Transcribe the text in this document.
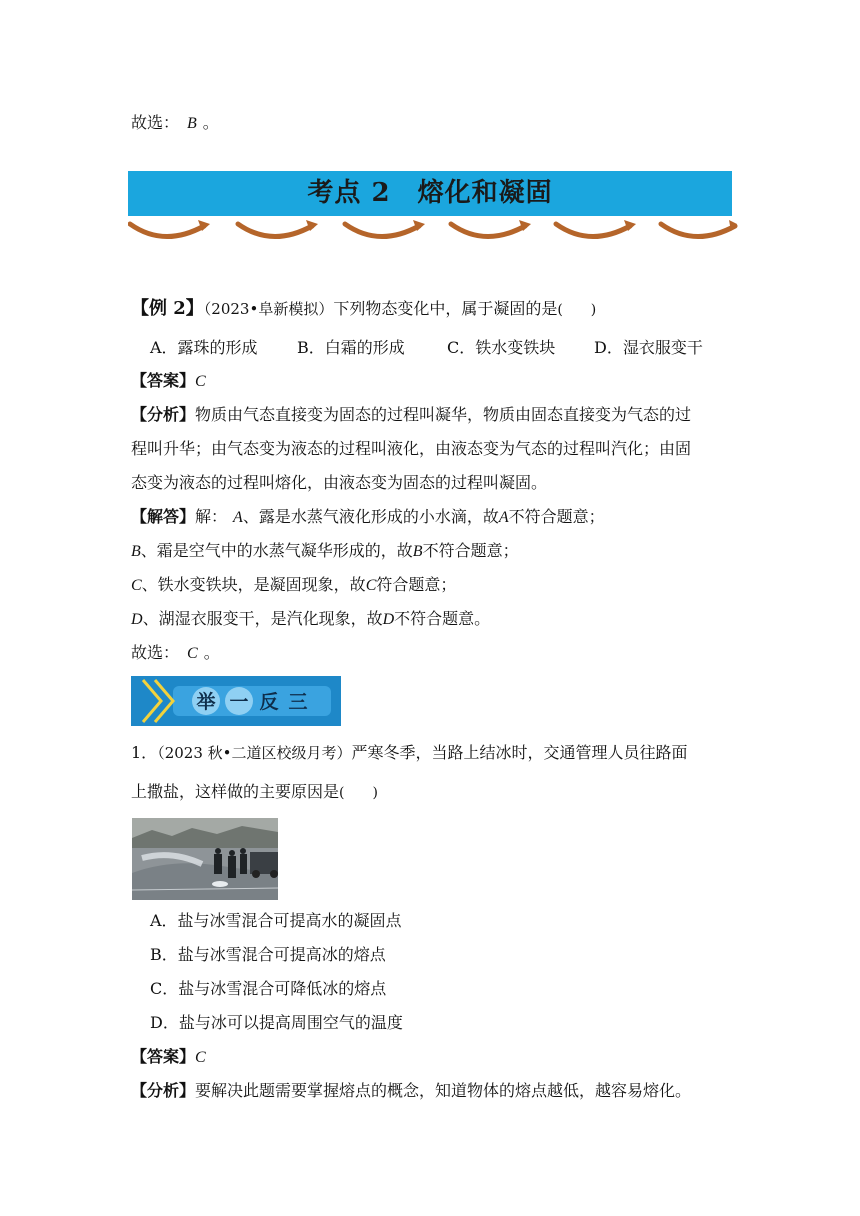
故选： B 。
考点 2　熔化和凝固
【例 2】（2023•阜新模拟）下列物态变化中，属于凝固的是(　　)
A．露珠的形成 B．白霜的形成	C．铁水变铁块 D．湿衣服变干
【答案】C
【分析】物质由气态直接变为固态的过程叫凝华，物质由固态直接变为气态的过
程叫升华；由气态变为液态的过程叫液化，由液态变为气态的过程叫汽化；由固
态变为液态的过程叫熔化，由液态变为固态的过程叫凝固。
【解答】解： A、露是水蒸气液化形成的小水滴，故A不符合题意；
B、霜是空气中的水蒸气凝华形成的，故B不符合题意；
C、铁水变铁块，是凝固现象，故C符合题意；
D、湖湿衣服变干，是汽化现象，故D不符合题意。
故选： C 。
举 一 反 三
1．（2023 秋•二道区校级月考）严寒冬季，当路上结冰时，交通管理人员往路面
上撒盐，这样做的主要原因是(　　)
A．盐与冰雪混合可提高水的凝固点
B．盐与冰雪混合可提高冰的熔点
C．盐与冰雪混合可降低冰的熔点
D．盐与冰可以提高周围空气的温度
【答案】C
【分析】要解决此题需要掌握熔点的概念，知道物体的熔点越低，越容易熔化。
